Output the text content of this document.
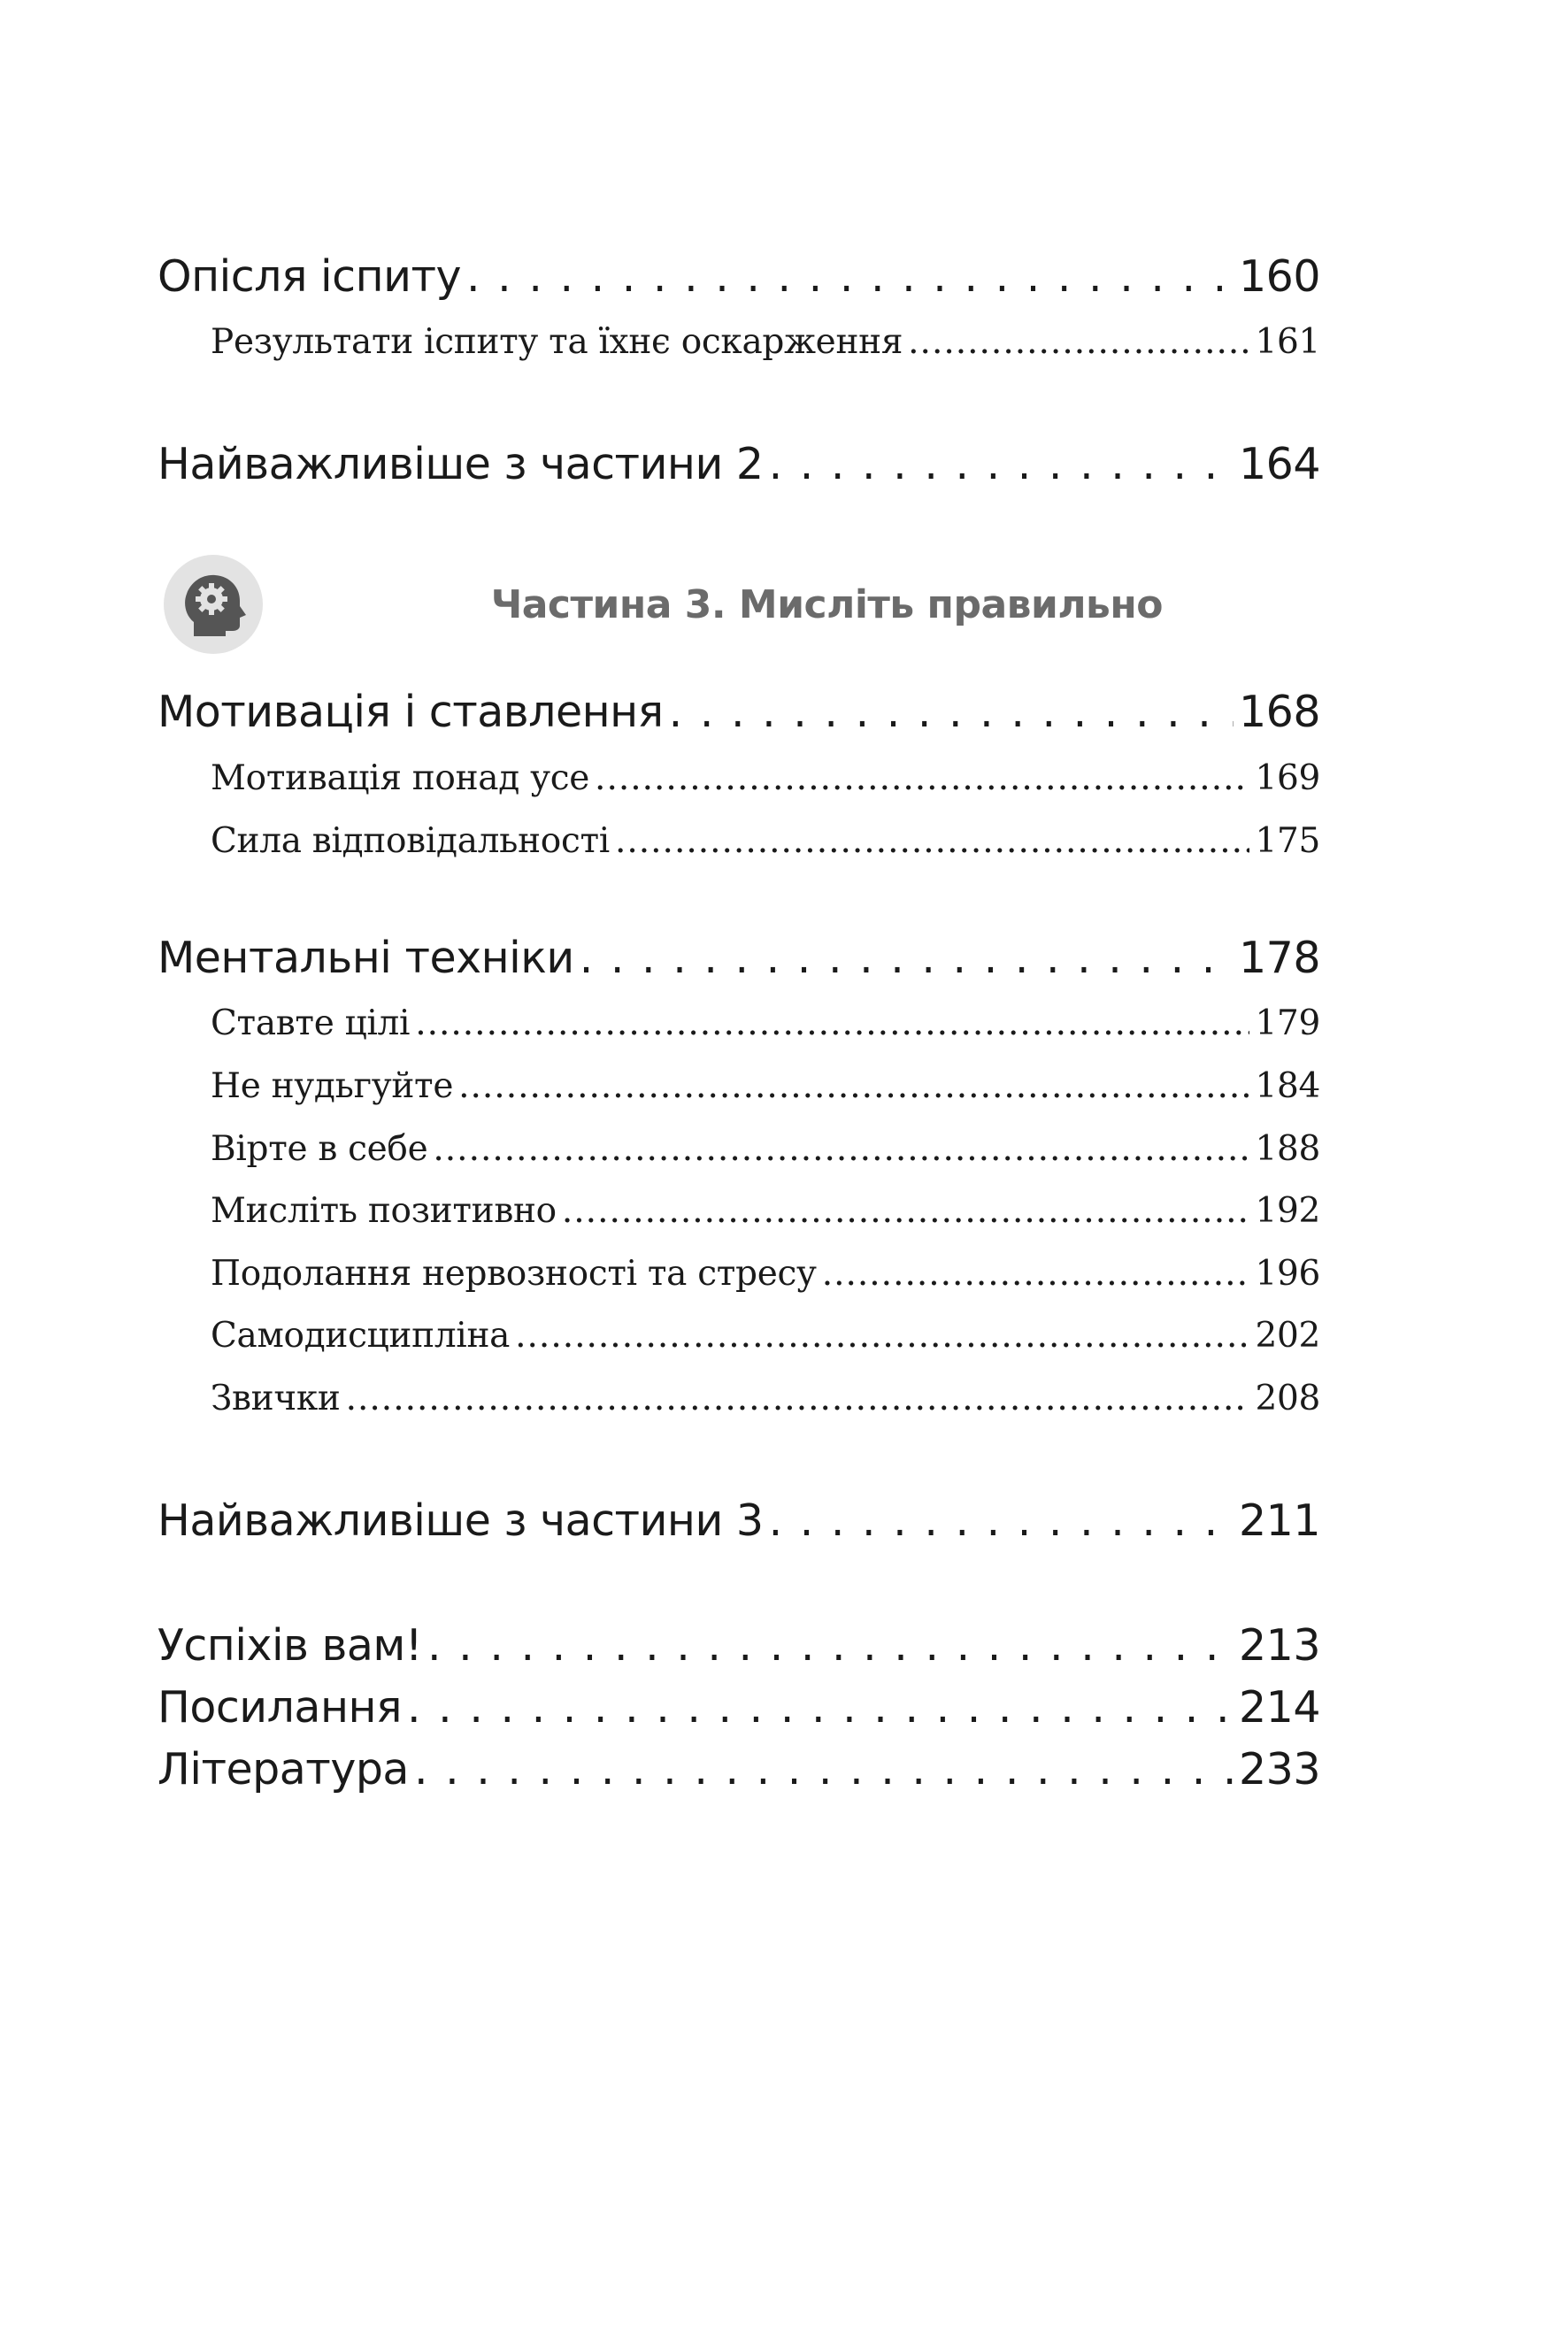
Опісля іспиту . . .	160
Результати іспиту та їхнє оскарження .....	161
Найважливіше з частини 2 . . .	164
Мотивація і ставлення . . .	168
Мотивація понад усе .....	169
Сила відповідальності .....	175
Ментальні техніки . . .	178
Ставте цілі .....	179
Не нудьгуйте .....	184
Вірте в себе .....	188
Мисліть позитивно .....	192
Подолання нервозності та стресу .....	196
Самодисципліна .....	202
Звички .....	208
Найважливіше з частини 3 . . .	211
Успіхів вам! . . .	213
Посилання . . .	214
Література . . .	233
Частина 3. Мисліть правильно
